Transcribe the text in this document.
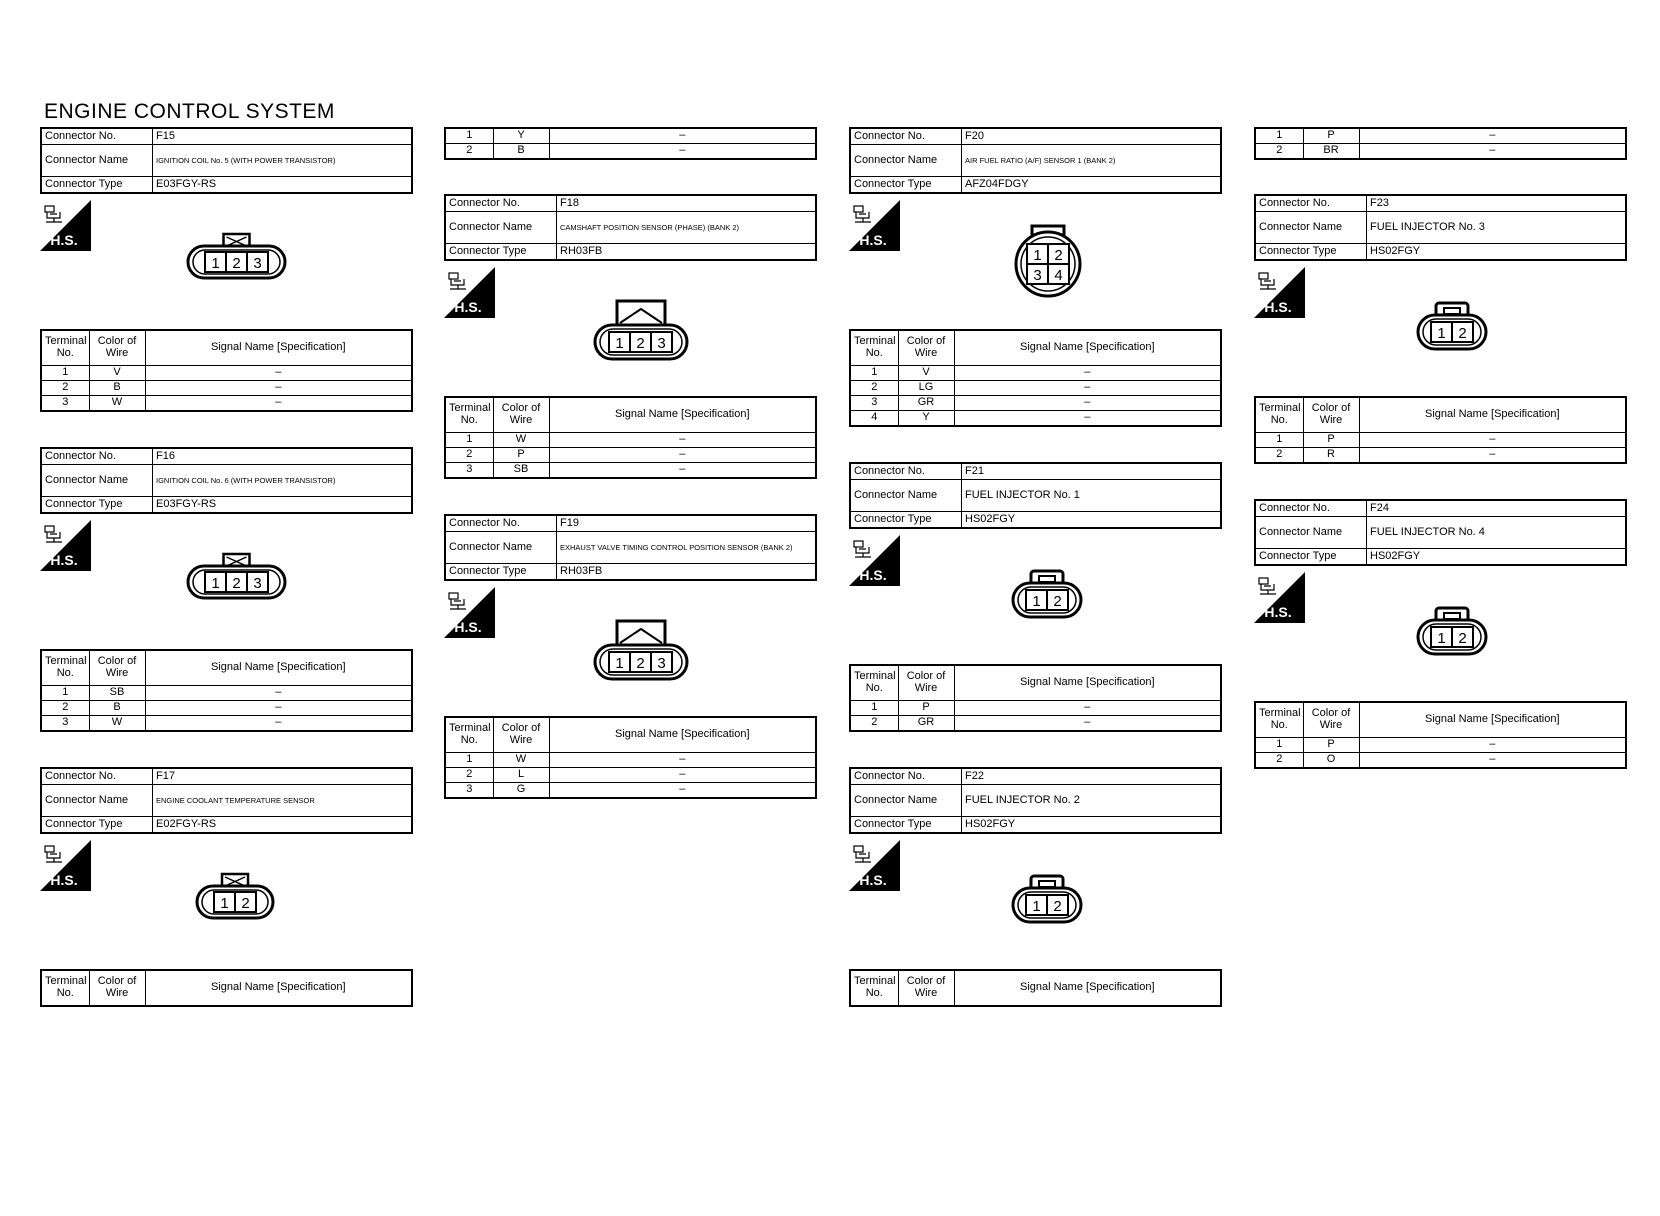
ENGINE CONTROL SYSTEM
Connector No.	F15
Connector Name	IGNITION COIL No. 5 (WITH POWER TRANSISTOR)
Connector Type	E03FGY-RS
H.S.
1 2 3
Terminal No.	Color of Wire	Signal Name [Specification]
1	V	–
2	B	–
3	W	–
Connector No.	F16
Connector Name	IGNITION COIL No. 6 (WITH POWER TRANSISTOR)
Connector Type	E03FGY-RS
H.S.
1 2 3
Terminal No.	Color of Wire	Signal Name [Specification]
1	SB	–
2	B	–
3	W	–
Connector No.	F17
Connector Name	ENGINE COOLANT TEMPERATURE SENSOR
Connector Type	E02FGY-RS
H.S.
1 2
Terminal No.	Color of Wire	Signal Name [Specification]
1	Y	–
2	B	–
Connector No.	F18
Connector Name	CAMSHAFT POSITION SENSOR (PHASE) (BANK 2)
Connector Type	RH03FB
H.S.
1 2 3
Terminal No.	Color of Wire	Signal Name [Specification]
1	W	–
2	P	–
3	SB	–
Connector No.	F19
Connector Name	EXHAUST VALVE TIMING CONTROL POSITION SENSOR (BANK 2)
Connector Type	RH03FB
H.S.
1 2 3
Terminal No.	Color of Wire	Signal Name [Specification]
1	W	–
2	L	–
3	G	–
Connector No.	F20
Connector Name	AIR FUEL RATIO (A/F) SENSOR 1 (BANK 2)
Connector Type	AFZ04FDGY
H.S.
1 2
3 4
Terminal No.	Color of Wire	Signal Name [Specification]
1	V	–
2	LG	–
3	GR	–
4	Y	–
Connector No.	F21
Connector Name	FUEL INJECTOR No. 1
Connector Type	HS02FGY
H.S.
1 2
Terminal No.	Color of Wire	Signal Name [Specification]
1	P	–
2	GR	–
Connector No.	F22
Connector Name	FUEL INJECTOR No. 2
Connector Type	HS02FGY
H.S.
1 2
Terminal No.	Color of Wire	Signal Name [Specification]
1	P	–
2	BR	–
Connector No.	F23
Connector Name	FUEL INJECTOR No. 3
Connector Type	HS02FGY
H.S.
1 2
Terminal No.	Color of Wire	Signal Name [Specification]
1	P	–
2	R	–
Connector No.	F24
Connector Name	FUEL INJECTOR No. 4
Connector Type	HS02FGY
H.S.
1 2
Terminal No.	Color of Wire	Signal Name [Specification]
1	P	–
2	O	–
